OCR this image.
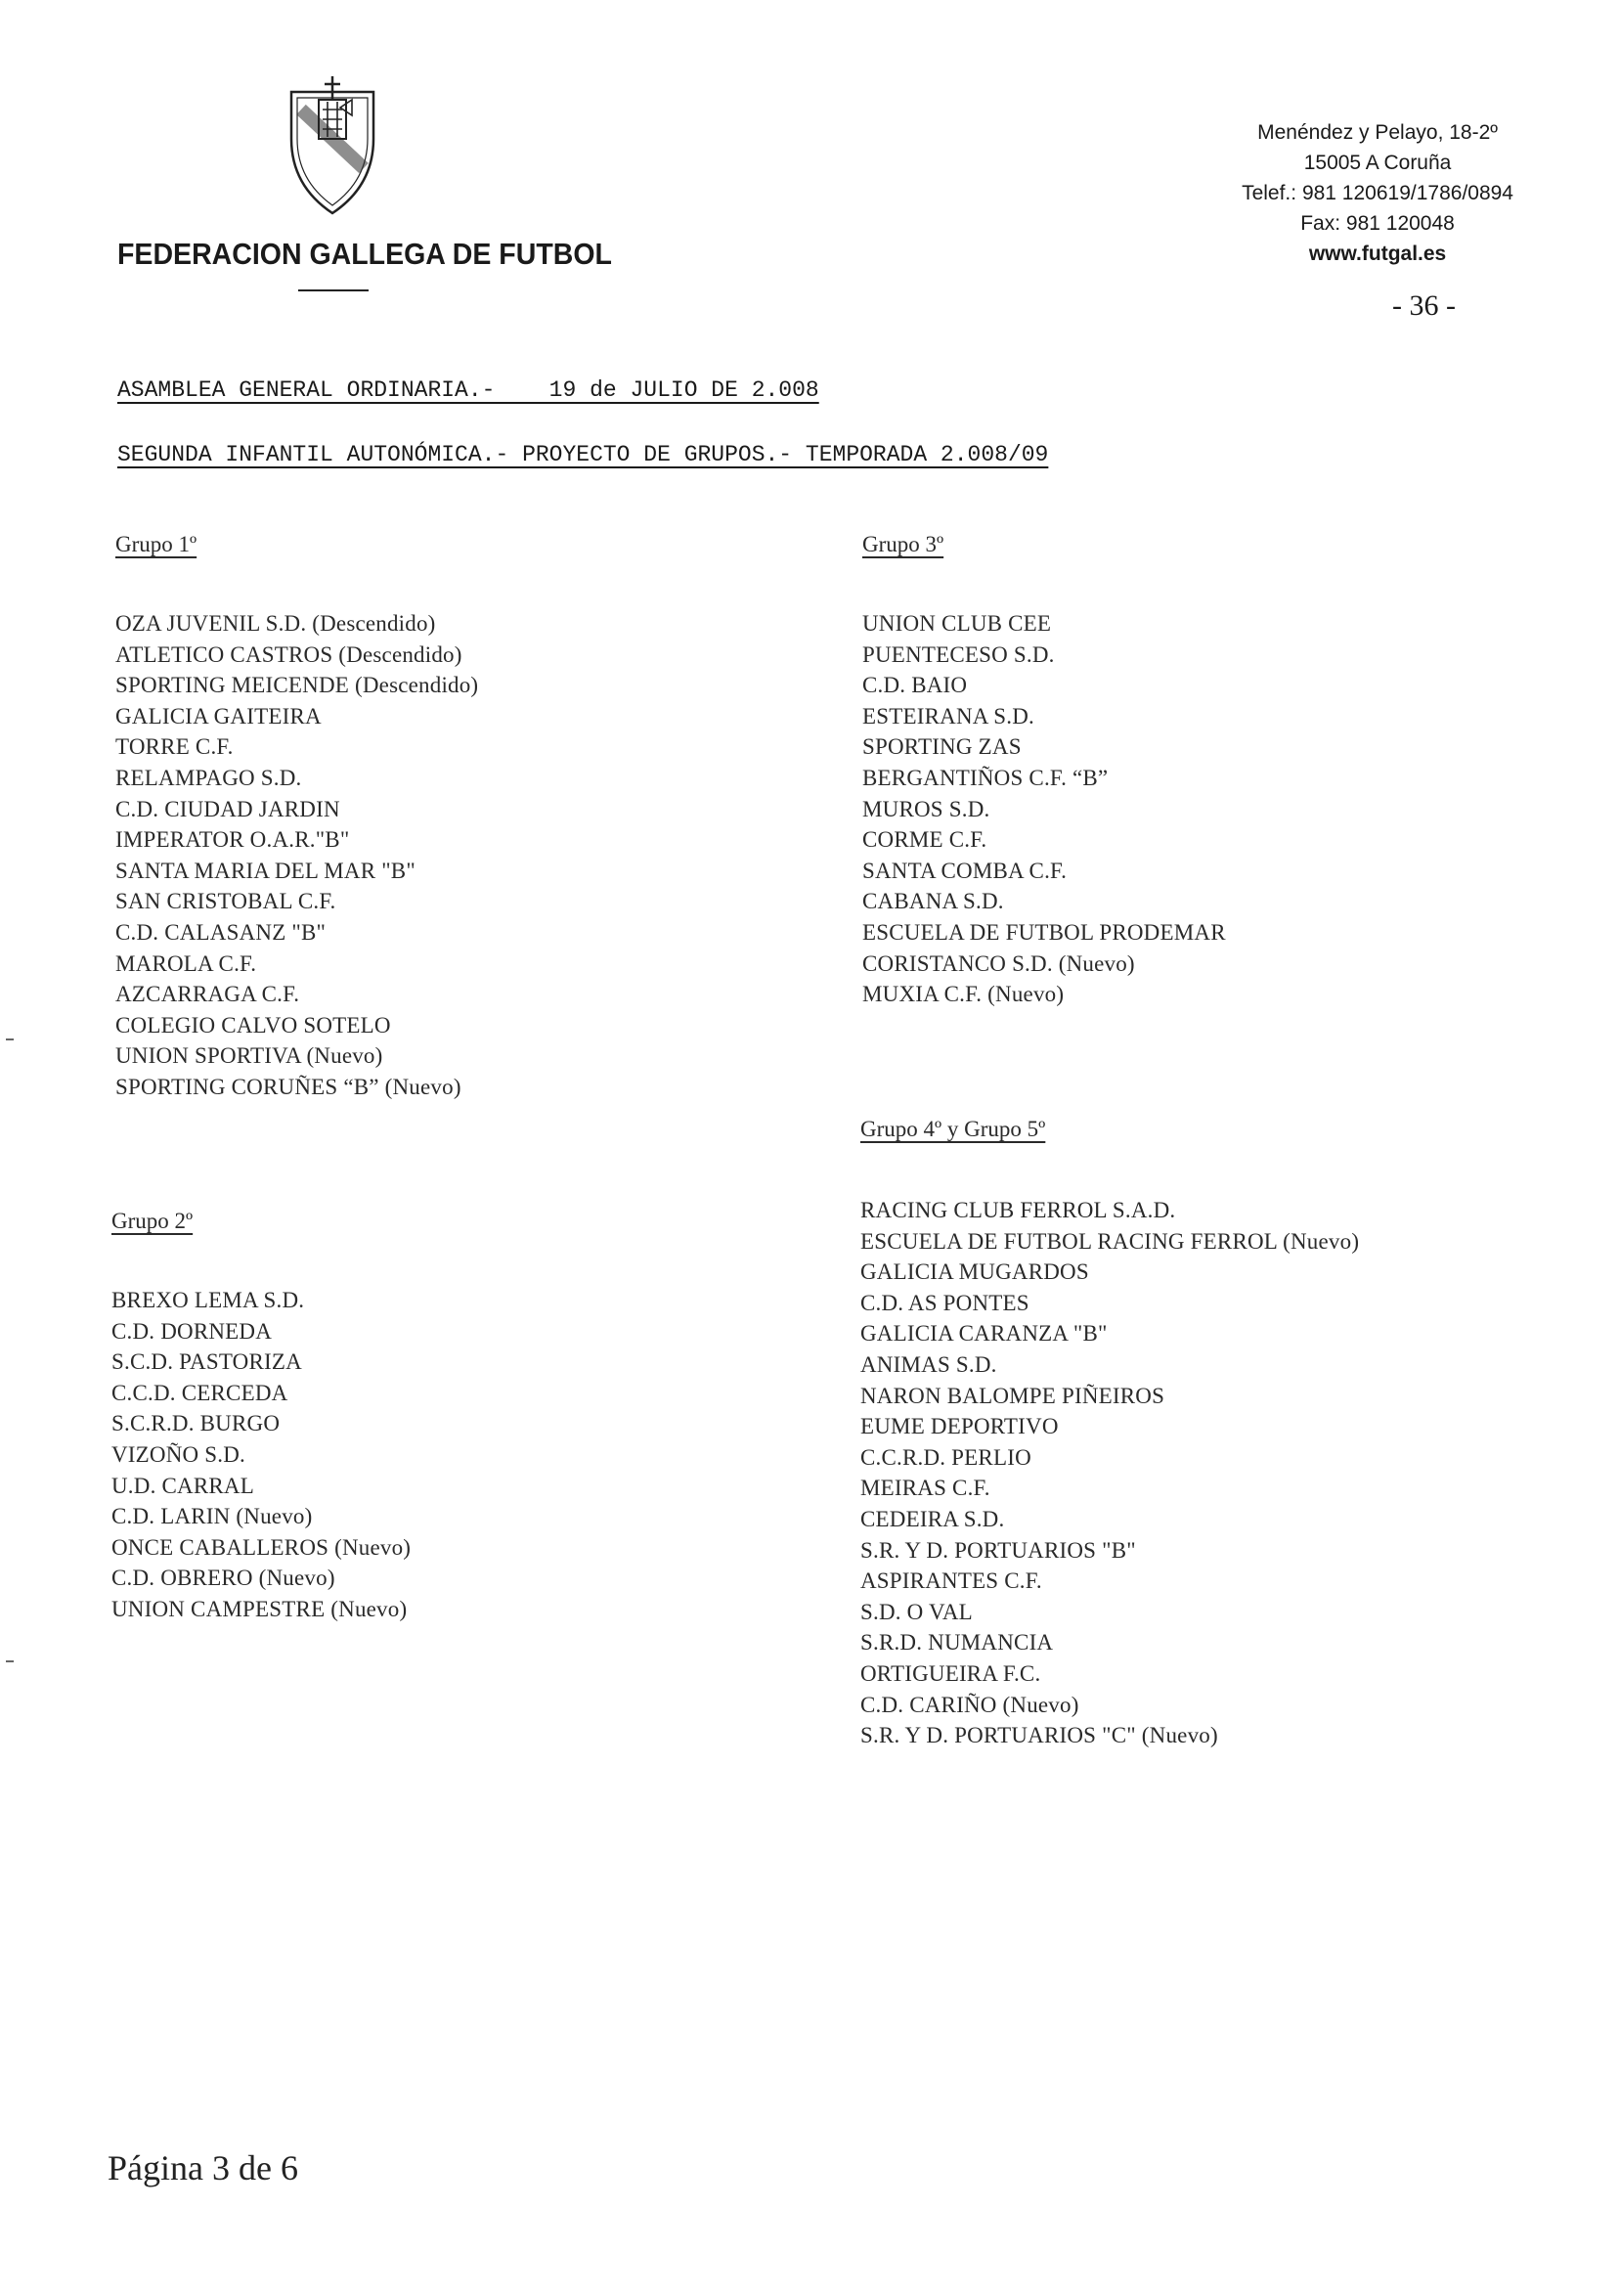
FEDERACION GALLEGA DE FUTBOL
Menéndez y Pelayo, 18-2º
15005 A Coruña
Telef.: 981 120619/1786/0894
Fax: 981 120048
www.futgal.es
- 36 -
ASAMBLEA GENERAL ORDINARIA.-    19 de JULIO DE 2.008
SEGUNDA INFANTIL AUTONÓMICA.- PROYECTO DE GRUPOS.- TEMPORADA 2.008/09
Grupo 1º
OZA JUVENIL S.D. (Descendido)
ATLETICO CASTROS (Descendido)
SPORTING MEICENDE (Descendido)
GALICIA GAITEIRA
TORRE C.F.
RELAMPAGO S.D.
C.D. CIUDAD JARDIN
IMPERATOR O.A.R."B"
SANTA MARIA DEL MAR "B"
SAN CRISTOBAL C.F.
C.D. CALASANZ "B"
MAROLA C.F.
AZCARRAGA C.F.
COLEGIO CALVO SOTELO
UNION SPORTIVA (Nuevo)
SPORTING CORUÑES “B” (Nuevo)
Grupo 2º
BREXO LEMA S.D.
C.D. DORNEDA
S.C.D. PASTORIZA
C.C.D. CERCEDA
S.C.R.D. BURGO
VIZOÑO S.D.
U.D. CARRAL
C.D. LARIN (Nuevo)
ONCE CABALLEROS (Nuevo)
C.D. OBRERO (Nuevo)
UNION CAMPESTRE (Nuevo)
Grupo 3º
UNION CLUB CEE
PUENTECESO S.D.
C.D. BAIO
ESTEIRANA S.D.
SPORTING ZAS
BERGANTIÑOS C.F. “B”
MUROS S.D.
CORME C.F.
SANTA COMBA C.F.
CABANA S.D.
ESCUELA DE FUTBOL PRODEMAR
CORISTANCO S.D. (Nuevo)
MUXIA C.F. (Nuevo)
Grupo 4º y Grupo 5º
RACING CLUB FERROL S.A.D.
ESCUELA DE FUTBOL RACING FERROL (Nuevo)
GALICIA MUGARDOS
C.D. AS PONTES
GALICIA CARANZA "B"
ANIMAS S.D.
NARON BALOMPE PIÑEIROS
EUME DEPORTIVO
C.C.R.D. PERLIO
MEIRAS C.F.
CEDEIRA S.D.
S.R. Y D. PORTUARIOS "B"
ASPIRANTES C.F.
S.D. O VAL
S.R.D. NUMANCIA
ORTIGUEIRA F.C.
C.D. CARIÑO (Nuevo)
S.R. Y D. PORTUARIOS "C" (Nuevo)
Página 3 de 6
